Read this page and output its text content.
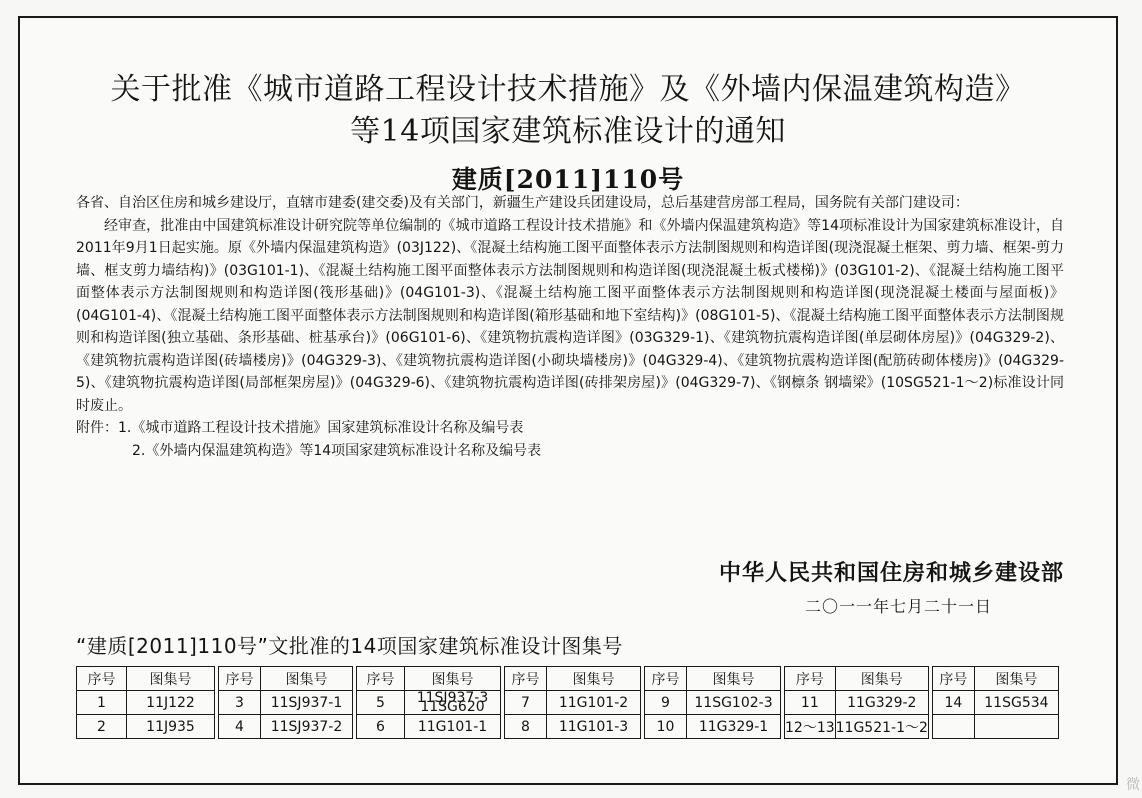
关于批准《城市道路工程设计技术措施》及《外墙内保温建筑构造》
等14项国家建筑标准设计的通知
建质[2011]110号

各省、自治区住房和城乡建设厅，直辖市建委(建交委)及有关部门，新疆生产建设兵团建设局，总后基建营房部工程局，国务院有关部门建设司：

经审查，批准由中国建筑标准设计研究院等单位编制的《城市道路工程设计技术措施》和《外墙内保温建筑构造》等14项标准设计为国家建筑标准设计，自2011年9月1日起实施。原《外墙内保温建筑构造》(03J122)、《混凝土结构施工图平面整体表示方法制图规则和构造详图(现浇混凝土框架、剪力墙、框架-剪力墙、框支剪力墙结构)》(03G101-1)、《混凝土结构施工图平面整体表示方法制图规则和构造详图(现浇混凝土板式楼梯)》(03G101-2)、《混凝土结构施工图平面整体表示方法制图规则和构造详图(筏形基础)》(04G101-3)、《混凝土结构施工图平面整体表示方法制图规则和构造详图(现浇混凝土楼面与屋面板)》(04G101-4)、《混凝土结构施工图平面整体表示方法制图规则和构造详图(箱形基础和地下室结构)》(08G101-5)、《混凝土结构施工图平面整体表示方法制图规则和构造详图(独立基础、条形基础、桩基承台)》(06G101-6)、《建筑物抗震构造详图》(03G329-1)、《建筑物抗震构造详图(单层砌体房屋)》(04G329-2)、《建筑物抗震构造详图(砖墙楼房)》(04G329-3)、《建筑物抗震构造详图(小砌块墙楼房)》(04G329-4)、《建筑物抗震构造详图(配筋砖砌体楼房)》(04G329-5)、《建筑物抗震构造详图(局部框架房屋)》(04G329-6)、《建筑物抗震构造详图(砖排架房屋)》(04G329-7)、《钢檩条 钢墙梁》(10SG521-1～2)标准设计同时废止。

附件：1.《城市道路工程设计技术措施》国家建筑标准设计名称及编号表

2.《外墙内保温建筑构造》等14项国家建筑标准设计名称及编号表

中华人民共和国住房和城乡建设部
二〇一一年七月二十一日
“建质[2011]110号”文批准的14项国家建筑标准设计图集号
序号	图集号		序号	图集号		序号	图集号		序号	图集号		序号	图集号		序号	图集号		序号	图集号
1	11J122		3	11SJ937-1		5	11SJ937-3 11SG620		7	11G101-2		9	11SG102-3		11	11G329-2		14	11SG534
2	11J935		4	11SJ937-2		6	11G101-1		8	11G101-3		10	11G329-1		12～13	11G521-1～2			
微
